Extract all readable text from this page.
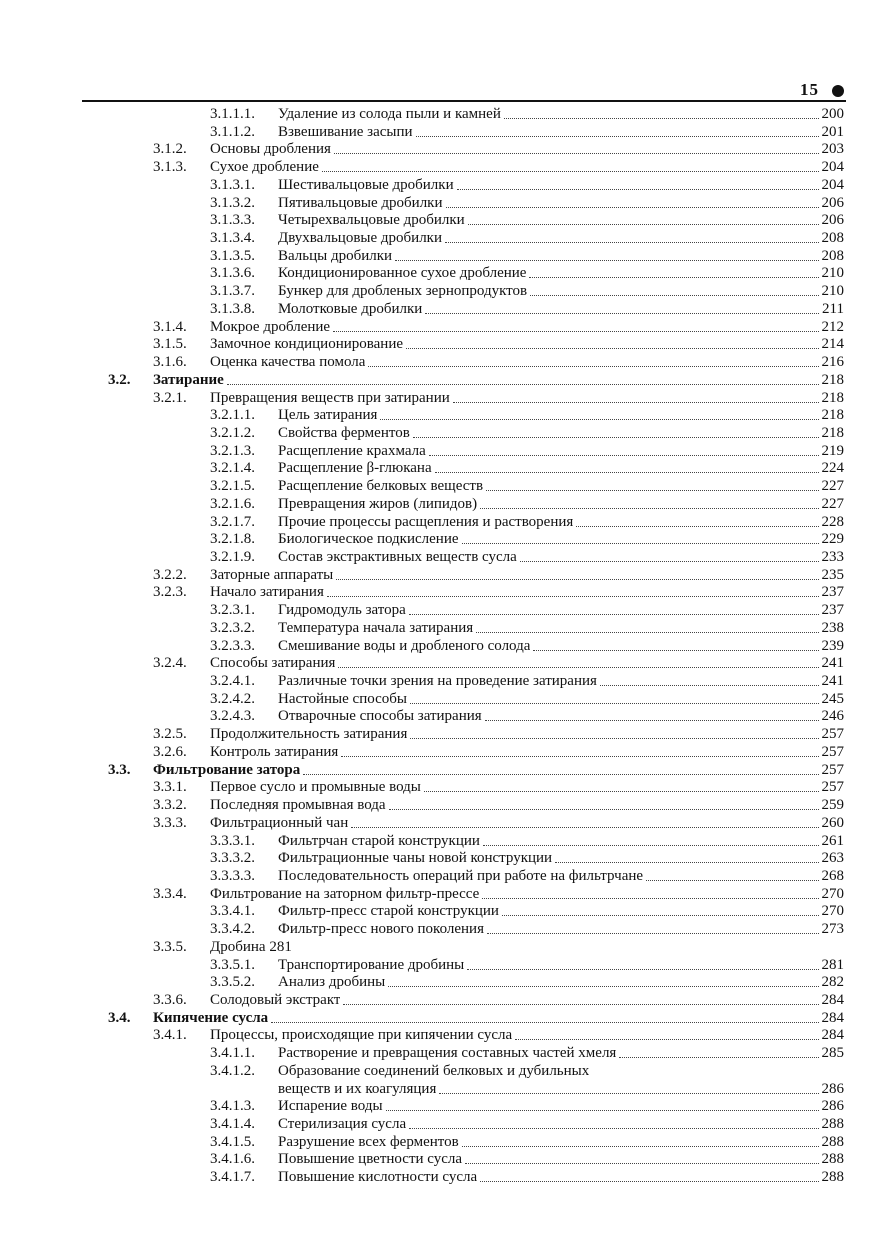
15
3.1.1.1.	Удаление из солода пыли и камней	200
3.1.1.2.	Взвешивание засыпи	201
3.1.2.	Основы дробления	203
3.1.3.	Сухое дробление	204
3.1.3.1.	Шестивальцовые дробилки	204
3.1.3.2.	Пятивальцовые дробилки	206
3.1.3.3.	Четырехвальцовые дробилки	206
3.1.3.4.	Двухвальцовые дробилки	208
3.1.3.5.	Вальцы дробилки	208
3.1.3.6.	Кондиционированное сухое дробление	210
3.1.3.7.	Бункер для дробленых зернопродуктов	210
3.1.3.8.	Молотковые дробилки	211
3.1.4.	Мокрое дробление	212
3.1.5.	Замочное кондиционирование	214
3.1.6.	Оценка качества помола	216
3.2.	Затирание	218
3.2.1.	Превращения веществ при затирании	218
3.2.1.1.	Цель затирания	218
3.2.1.2.	Свойства ферментов	218
3.2.1.3.	Расщепление крахмала	219
3.2.1.4.	Расщепление β-глюкана	224
3.2.1.5.	Расщепление белковых веществ	227
3.2.1.6.	Превращения жиров (липидов)	227
3.2.1.7.	Прочие процессы расщепления и растворения	228
3.2.1.8.	Биологическое подкисление	229
3.2.1.9.	Состав экстрактивных веществ сусла	233
3.2.2.	Заторные аппараты	235
3.2.3.	Начало затирания	237
3.2.3.1.	Гидромодуль затора	237
3.2.3.2.	Температура начала затирания	238
3.2.3.3.	Смешивание воды и дробленого солода	239
3.2.4.	Способы затирания	241
3.2.4.1.	Различные точки зрения на проведение затирания	241
3.2.4.2.	Настойные способы	245
3.2.4.3.	Отварочные способы затирания	246
3.2.5.	Продолжительность затирания	257
3.2.6.	Контроль затирания	257
3.3.	Фильтрование затора	257
3.3.1.	Первое сусло и промывные воды	257
3.3.2.	Последняя промывная вода	259
3.3.3.	Фильтрационный чан	260
3.3.3.1.	Фильтрчан старой конструкции	261
3.3.3.2.	Фильтрационные чаны новой конструкции	263
3.3.3.3.	Последовательность операций при работе на фильтрчане	268
3.3.4.	Фильтрование на заторном фильтр-прессе	270
3.3.4.1.	Фильтр-пресс старой конструкции	270
3.3.4.2.	Фильтр-пресс нового поколения	273
3.3.5.	Дробина 281
3.3.5.1.	Транспортирование дробины	281
3.3.5.2.	Анализ дробины	282
3.3.6.	Солодовый экстракт	284
3.4.	Кипячение сусла	284
3.4.1.	Процессы, происходящие при кипячении сусла	284
3.4.1.1.	Растворение и превращения составных частей хмеля	285
3.4.1.2.	Образование соединений белковых и дубильных
веществ и их коагуляция	286
3.4.1.3.	Испарение воды	286
3.4.1.4.	Стерилизация сусла	288
3.4.1.5.	Разрушение всех ферментов	288
3.4.1.6.	Повышение цветности сусла	288
3.4.1.7.	Повышение кислотности сусла	288
